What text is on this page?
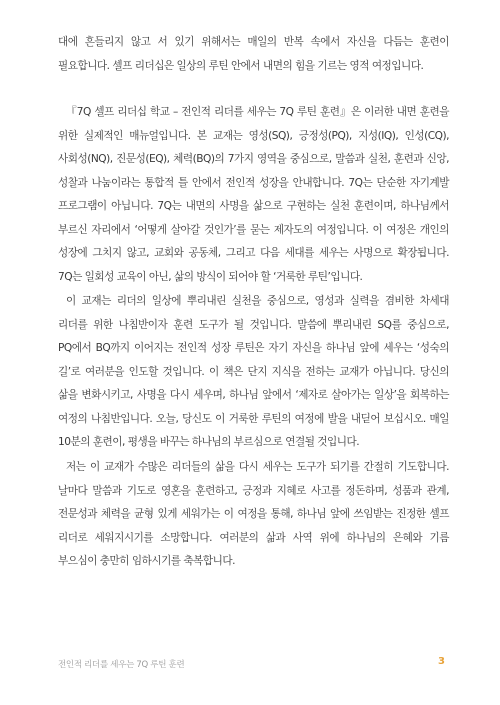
대에 흔들리지 않고 서 있기 위해서는 매일의 반복 속에서 자신을 다듬는 훈련이 필요합니다. 셀프 리더십은 일상의 루틴 안에서 내면의 힘을 기르는 영적 여정입니다.

『7Q 셀프 리더십 학교 – 전인적 리더를 세우는 7Q 루틴 훈련』은 이러한 내면 훈련을 위한 실제적인 매뉴얼입니다. 본 교재는 영성(SQ), 긍정성(PQ), 지성(IQ), 인성(CQ), 사회성(NQ), 진문성(EQ), 체력(BQ)의 7가지 영역을 중심으로, 말씀과 실천, 훈련과 신앙, 성찰과 나눔이라는 통합적 틀 안에서 전인적 성장을 안내합니다. 7Q는 단순한 자기계발 프로그램이 아닙니다. 7Q는 내면의 사명을 삶으로 구현하는 실천 훈련이며, 하나님께서 부르신 자리에서 ‘어떻게 살아갈 것인가’를 묻는 제자도의 여정입니다. 이 여정은 개인의 성장에 그치지 않고, 교회와 공동체, 그리고 다음 세대를 세우는 사명으로 확장됩니다. 7Q는 일회성 교육이 아닌, 삶의 방식이 되어야 할 ‘거룩한 루틴’입니다.

이 교재는 리더의 일상에 뿌리내린 실천을 중심으로, 영성과 실력을 겸비한 차세대 리더를 위한 나침반이자 훈련 도구가 될 것입니다. 말씀에 뿌리내린 SQ를 중심으로, PQ에서 BQ까지 이어지는 전인적 성장 루틴은 자기 자신을 하나님 앞에 세우는 ‘성숙의 길’로 여러분을 인도할 것입니다. 이 책은 단지 지식을 전하는 교재가 아닙니다. 당신의 삶을 변화시키고, 사명을 다시 세우며, 하나님 앞에서 ‘제자로 살아가는 일상’을 회복하는 여정의 나침반입니다. 오늘, 당신도 이 거룩한 루틴의 여정에 발을 내딛어 보십시오. 매일 10분의 훈련이, 평생을 바꾸는 하나님의 부르심으로 연결될 것입니다.

저는 이 교재가 수많은 리더들의 삶을 다시 세우는 도구가 되기를 간절히 기도합니다. 날마다 말씀과 기도로 영혼을 훈련하고, 긍정과 지혜로 사고를 정돈하며, 성품과 관계, 전문성과 체력을 균형 있게 세워가는 이 여정을 통해, 하나님 앞에 쓰임받는 진정한 셀프 리더로 세워지시기를 소망합니다. 여러분의 삶과 사역 위에 하나님의 은혜와 기름 부으심이 충만히 임하시기를 축복합니다.

전인적 리더를 세우는 7Q 루틴 훈련	3
